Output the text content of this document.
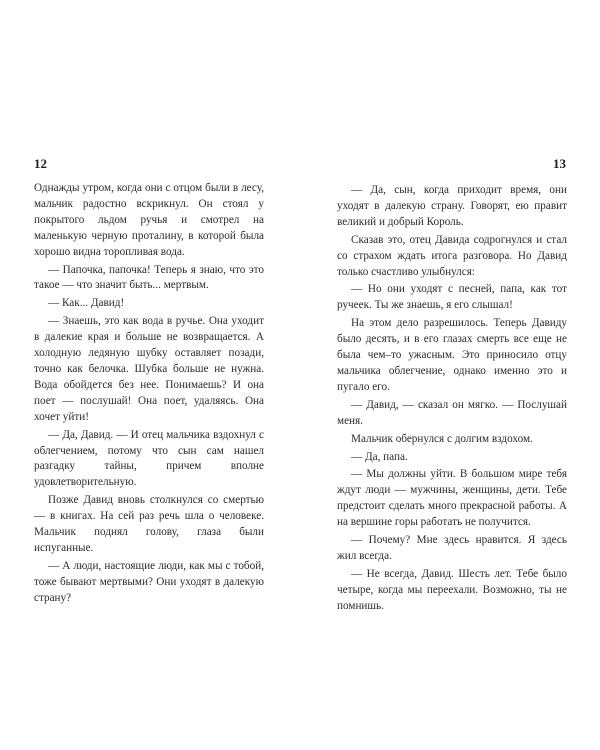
12

Однажды утром, когда они с отцом были в лесу, мальчик радостно вскрикнул. Он стоял у покрытого льдом ручья и смотрел на маленькую черную проталину, в которой была хорошо видна торопливая вода.

— Папочка, папочка! Теперь я знаю, что это такое — что значит быть... мертвым.

— Как... Давид!

— Знаешь, это как вода в ручье. Она уходит в далекие края и больше не возвращается. А холодную ледяную шубку оставляет позади, точно как белочка. Шубка больше не нужна. Вода обойдется без нее. Понимаешь? И она поет — послушай! Она поет, удаляясь. Она хочет уйти!

— Да, Давид. — И отец мальчика вздохнул с облегчением, потому что сын сам нашел разгадку тайны, причем вполне удовлетворительную.

Позже Давид вновь столкнулся со смертью — в книгах. На сей раз речь шла о человеке. Мальчик поднял голову, глаза были испуганные.

— А люди, настоящие люди, как мы с тобой, тоже бывают мертвыми? Они уходят в далекую страну?

13

— Да, сын, когда приходит время, они уходят в далекую страну. Говорят, ею правит великий и добрый Король.

Сказав это, отец Давида содрогнулся и стал со страхом ждать итога разговора. Но Давид только счастливо улыбнулся:

— Но они уходят с песней, папа, как тот ручеек. Ты же знаешь, я его слышал!

На этом дело разрешилось. Теперь Давиду было десять, и в его глазах смерть все еще не была чем–то ужасным. Это приносило отцу мальчика облегчение, однако именно это и пугало его.

— Давид, — сказал он мягко. — Послушай меня.

Мальчик обернулся с долгим вздохом.

— Да, папа.

— Мы должны уйти. В большом мире тебя ждут люди — мужчины, женщины, дети. Тебе предстоит сделать много прекрасной работы. А на вершине горы работать не получится.

— Почему? Мне здесь нравится. Я здесь жил всегда.

— Не всегда, Давид. Шесть лет. Тебе было четыре, когда мы переехали. Возможно, ты не помнишь.
